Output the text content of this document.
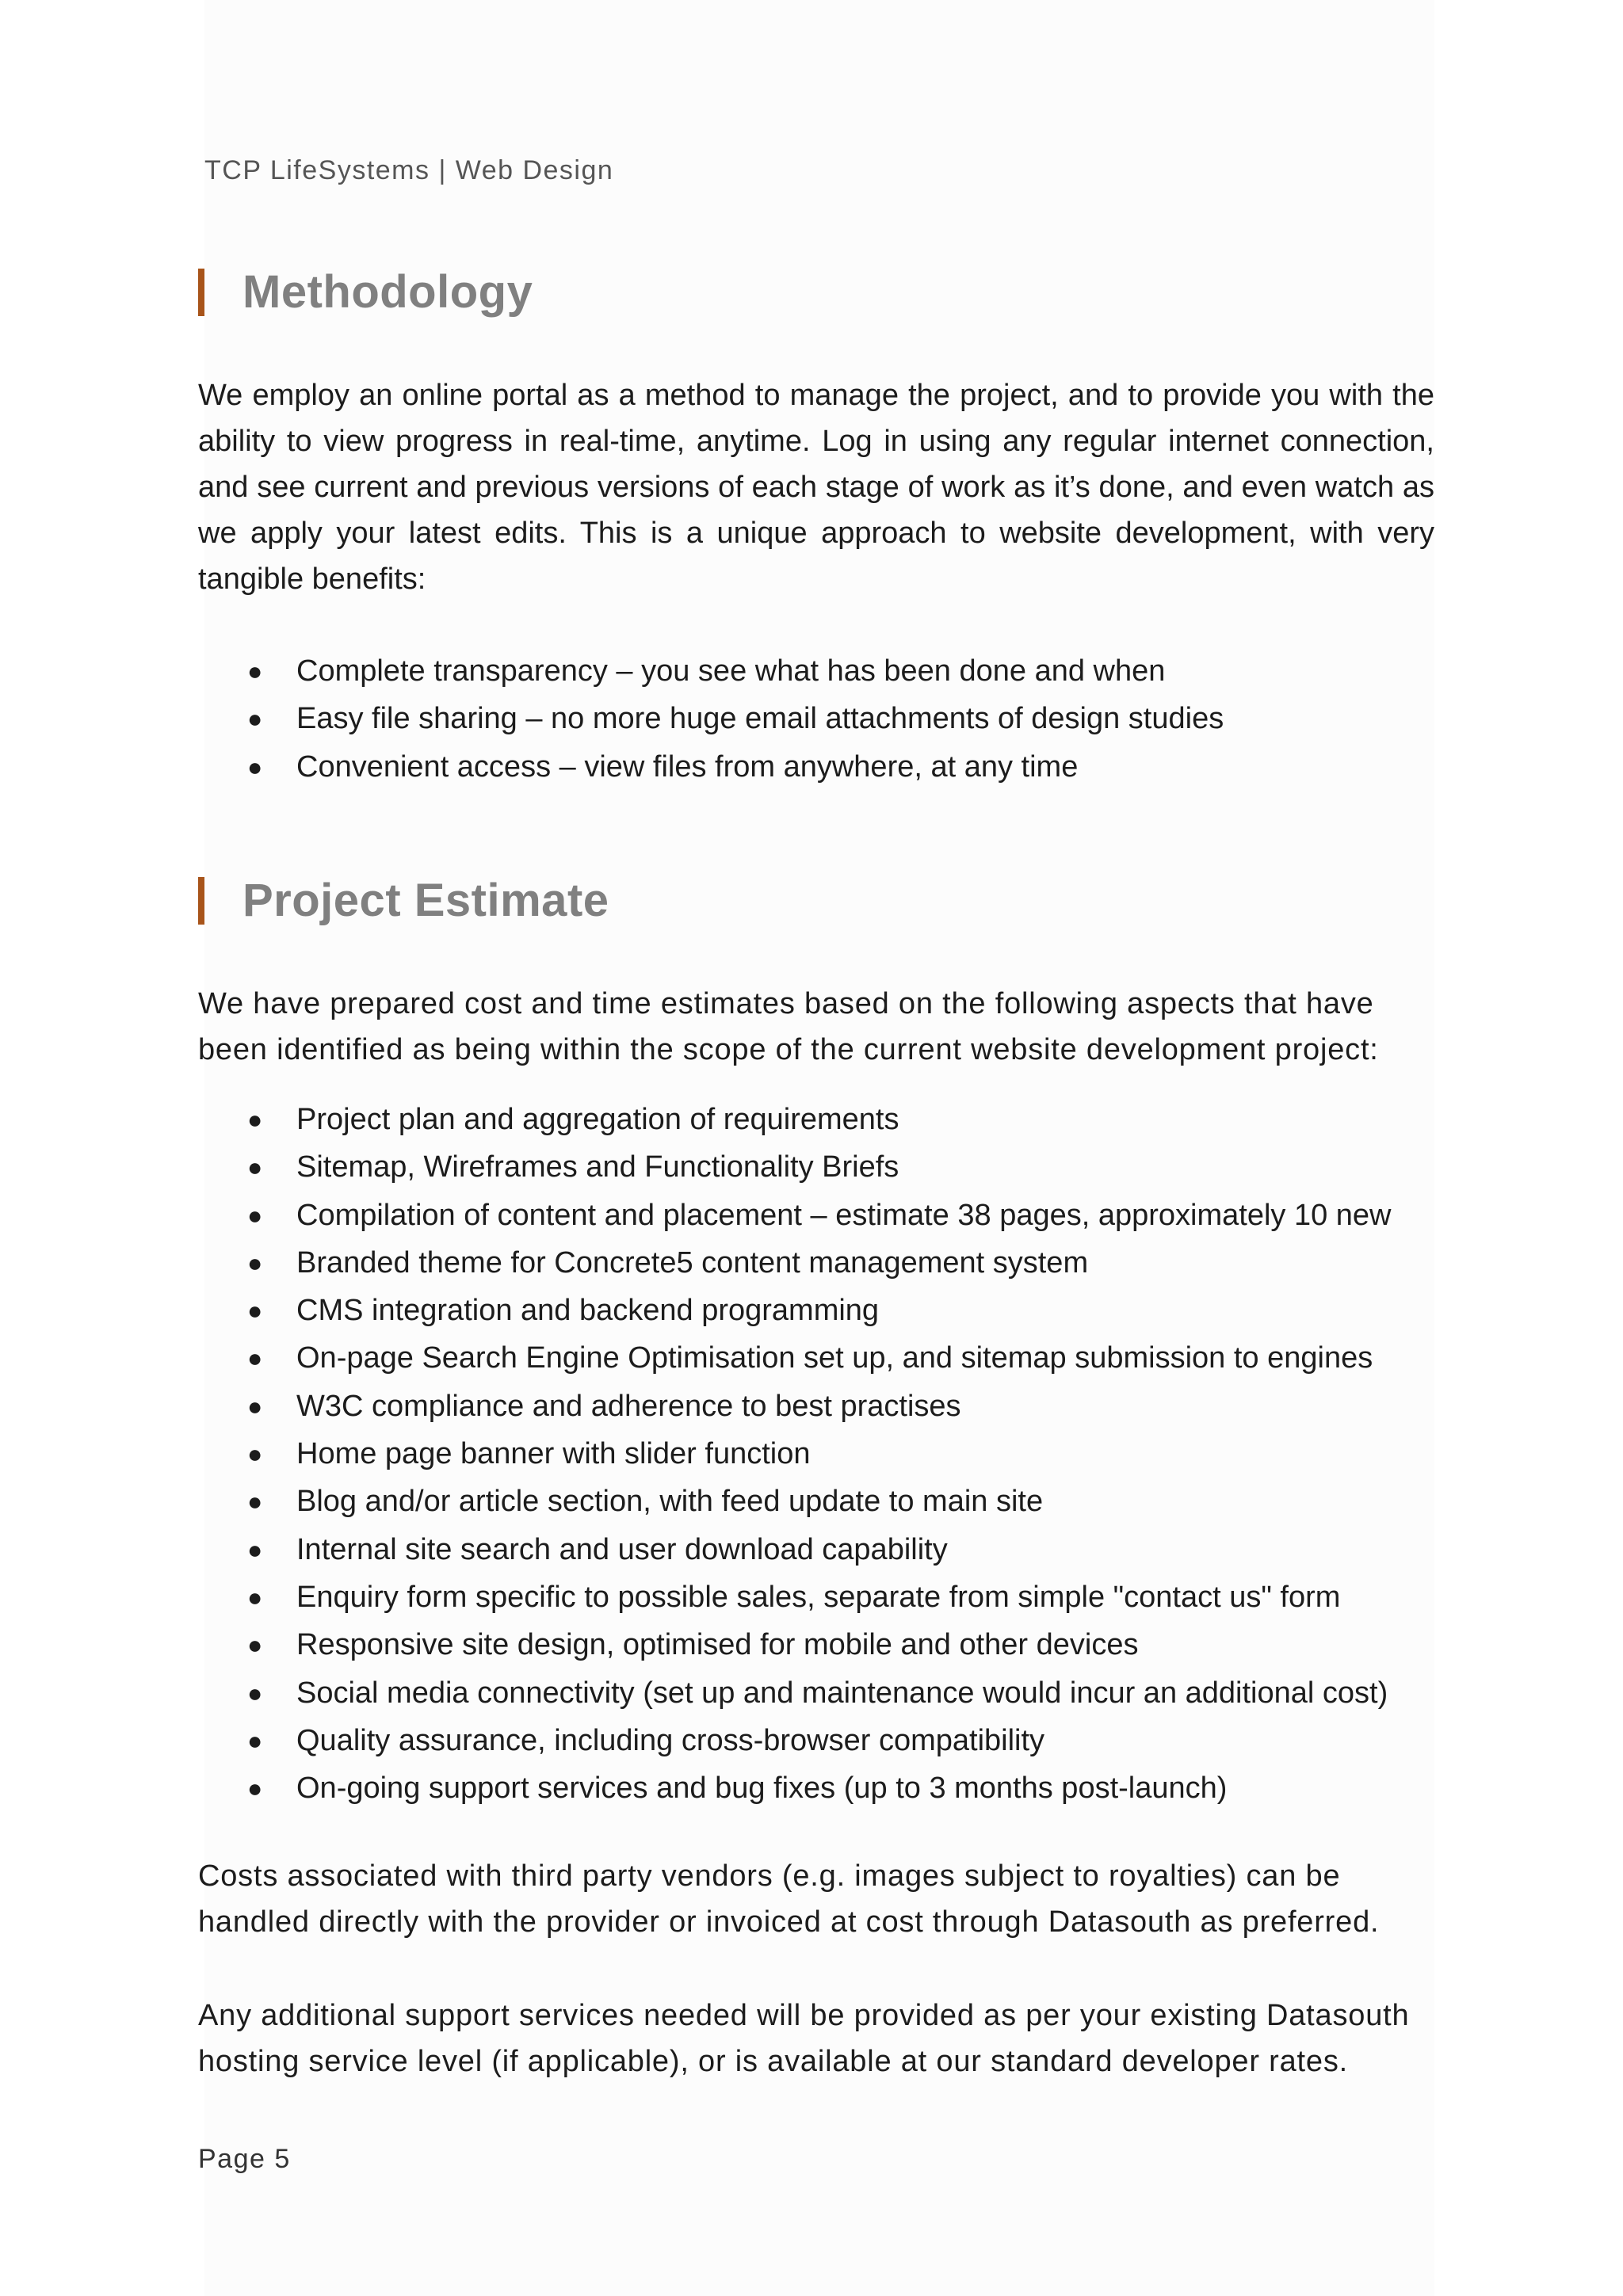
TCP LifeSystems | Web Design
Methodology

We employ an online portal as a method to manage the project, and to provide you with the ability to view progress in real-time, anytime. Log in using any regular internet connection, and see current and previous versions of each stage of work as it’s done, and even watch as we apply your latest edits. This is a unique approach to website development, with very tangible benefits:

● Complete transparency – you see what has been done and when
● Easy file sharing – no more huge email attachments of design studies
● Convenient access – view files from anywhere, at any time
Project Estimate

We have prepared cost and time estimates based on the following aspects that have been identified as being within the scope of the current website development project:

● Project plan and aggregation of requirements
● Sitemap, Wireframes and Functionality Briefs
● Compilation of content and placement – estimate 38 pages, approximately 10 new
● Branded theme for Concrete5 content management system
● CMS integration and backend programming
● On-page Search Engine Optimisation set up, and sitemap submission to engines
● W3C compliance and adherence to best practises
● Home page banner with slider function
● Blog and/or article section, with feed update to main site
● Internal site search and user download capability
● Enquiry form specific to possible sales, separate from simple "contact us" form
● Responsive site design, optimised for mobile and other devices
● Social media connectivity (set up and maintenance would incur an additional cost)
● Quality assurance, including cross-browser compatibility
● On-going support services and bug fixes (up to 3 months post-launch)

Costs associated with third party vendors (e.g. images subject to royalties) can be handled directly with the provider or invoiced at cost through Datasouth as preferred.

Any additional support services needed will be provided as per your existing Datasouth hosting service level (if applicable), or is available at our standard developer rates.

Page 5
